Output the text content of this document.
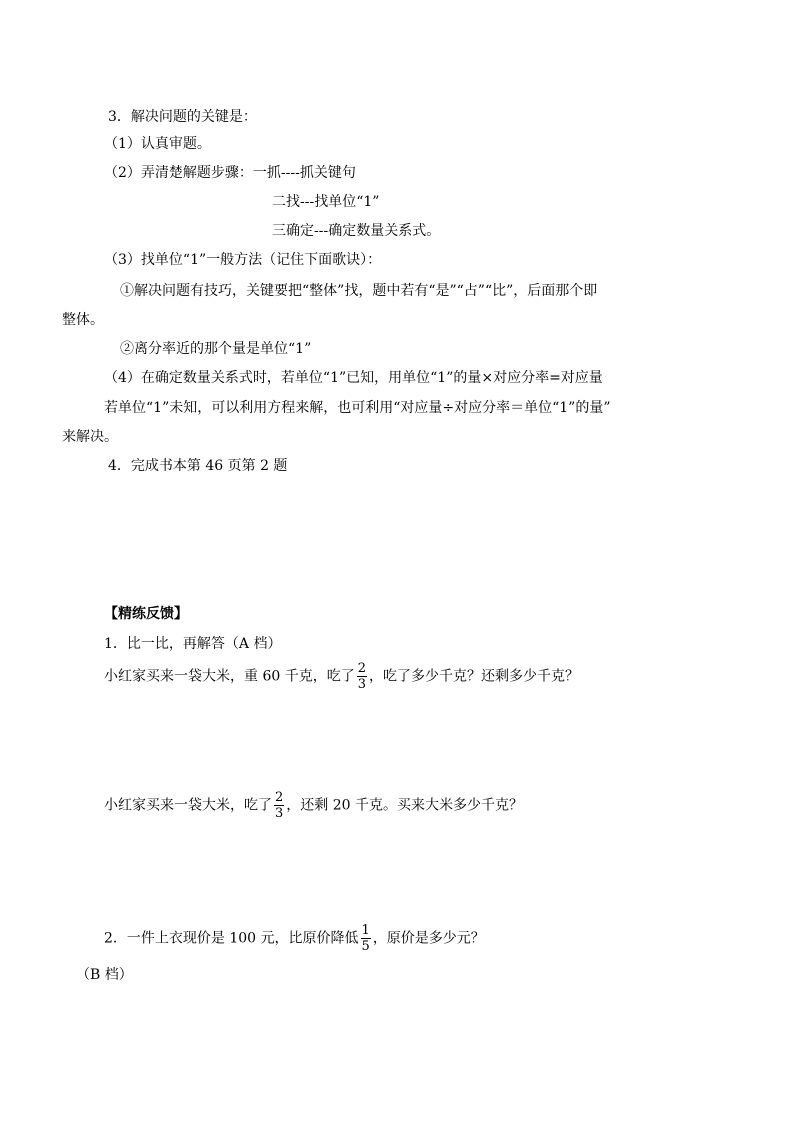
3．解决问题的关键是：
（1）认真审题。
（2）弄清楚解题步骤：一抓----抓关键句
二找---找单位“1”
三确定---确定数量关系式。
（3）找单位“1”一般方法（记住下面歌诀）：
①解决问题有技巧，关键要把“整体”找，题中若有“是”“占”“比”，后面那个即
整体。
②离分率近的那个量是单位“1”
（4）在确定数量关系式时，若单位“1”已知，用单位“1”的量×对应分率=对应量
若单位“1”未知，可以利用方程来解，也可利用“对应量÷对应分率＝单位“1”的量”
来解决。
4．完成书本第 46 页第 2 题
【精练反馈】
1．比一比，再解答（A 档）
小红家买来一袋大米，重 60 千克，吃了 $\frac{2}{3}$ ，吃了多少千克？还剩多少千克？
小红家买来一袋大米，吃了 $\frac{2}{3}$ ，还剩 20 千克。买来大米多少千克？
2．一件上衣现价是 100 元，比原价降低 $\frac{1}{5}$ ，原价是多少元？
（B 档）
